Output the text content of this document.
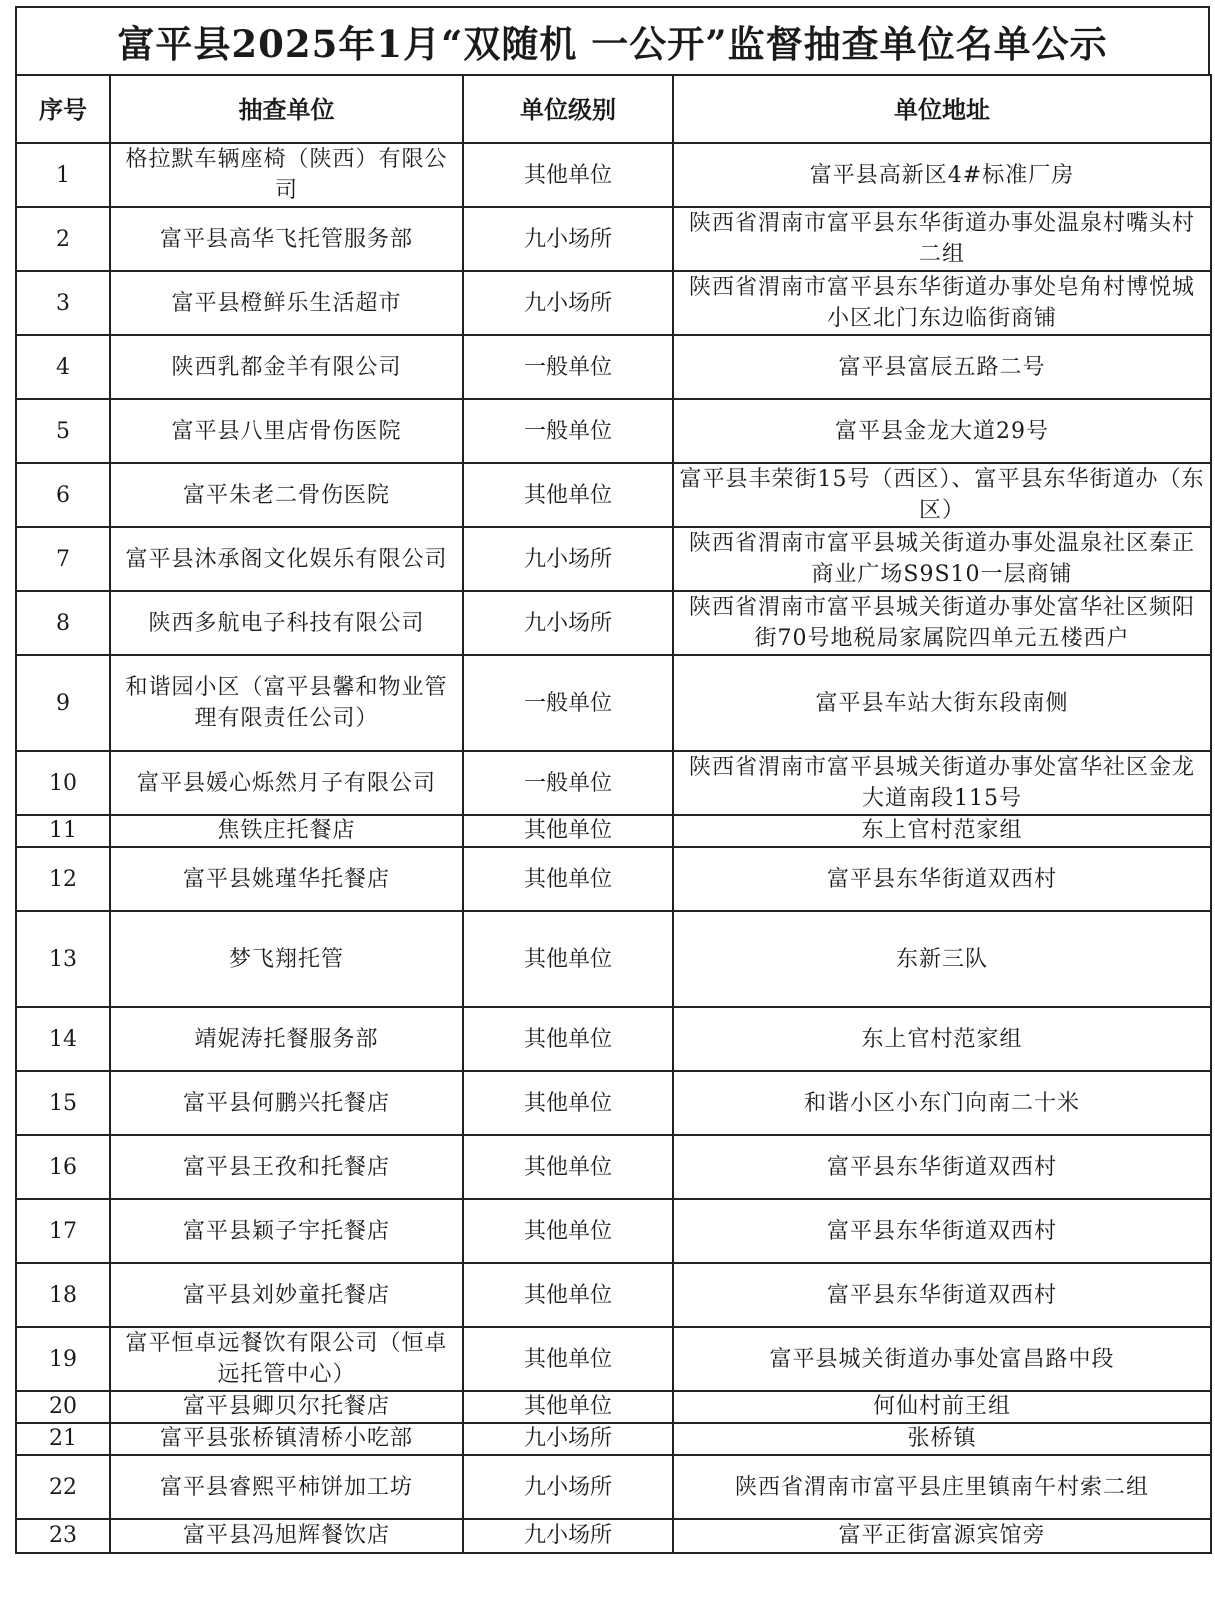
富平县2025年1月“双随机 一公开”监督抽查单位名单公示
序号	抽查单位	单位级别	单位地址
1	格拉默车辆座椅（陕西）有限公司	其他单位	富平县高新区4#标准厂房
2	富平县高华飞托管服务部	九小场所	陕西省渭南市富平县东华街道办事处温泉村嘴头村二组
3	富平县橙鲜乐生活超市	九小场所	陕西省渭南市富平县东华街道办事处皂角村博悦城小区北门东边临街商铺
4	陕西乳都金羊有限公司	一般单位	富平县富辰五路二号
5	富平县八里店骨伤医院	一般单位	富平县金龙大道29号
6	富平朱老二骨伤医院	其他单位	富平县丰荣街15号（西区）、富平县东华街道办（东区）
7	富平县沐承阁文化娱乐有限公司	九小场所	陕西省渭南市富平县城关街道办事处温泉社区秦正商业广场S9S10一层商铺
8	陕西多航电子科技有限公司	九小场所	陕西省渭南市富平县城关街道办事处富华社区频阳街70号地税局家属院四单元五楼西户
9	和谐园小区（富平县馨和物业管理有限责任公司）	一般单位	富平县车站大街东段南侧
10	富平县媛心烁然月子有限公司	一般单位	陕西省渭南市富平县城关街道办事处富华社区金龙大道南段115号
11	焦铁庄托餐店	其他单位	东上官村范家组
12	富平县姚瑾华托餐店	其他单位	富平县东华街道双西村
13	梦飞翔托管	其他单位	东新三队
14	靖妮涛托餐服务部	其他单位	东上官村范家组
15	富平县何鹏兴托餐店	其他单位	和谐小区小东门向南二十米
16	富平县王孜和托餐店	其他单位	富平县东华街道双西村
17	富平县颖子宇托餐店	其他单位	富平县东华街道双西村
18	富平县刘妙童托餐店	其他单位	富平县东华街道双西村
19	富平恒卓远餐饮有限公司（恒卓远托管中心）	其他单位	富平县城关街道办事处富昌路中段
20	富平县卿贝尔托餐店	其他单位	何仙村前王组
21	富平县张桥镇清桥小吃部	九小场所	张桥镇
22	富平县睿熙平柿饼加工坊	九小场所	陕西省渭南市富平县庄里镇南午村索二组
23	富平县冯旭辉餐饮店	九小场所	富平正街富源宾馆旁
